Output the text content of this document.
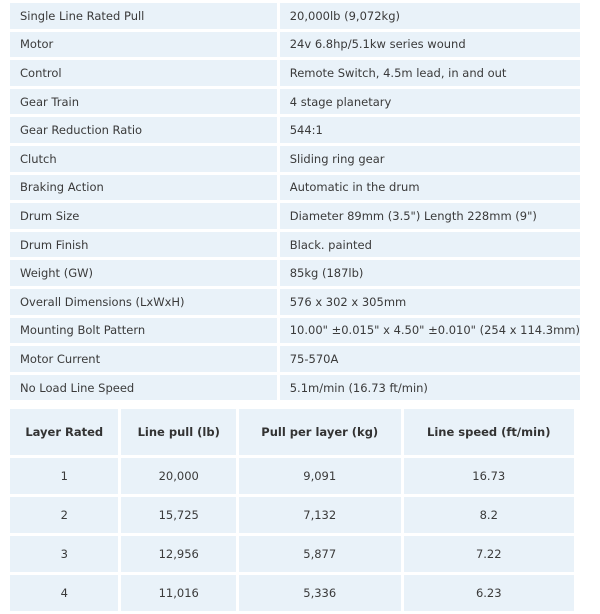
Single Line Rated Pull	20,000lb (9,072kg)
Motor	24v 6.8hp/5.1kw series wound
Control	Remote Switch, 4.5m lead, in and out
Gear Train	4 stage planetary
Gear Reduction Ratio	544:1
Clutch	Sliding ring gear
Braking Action	Automatic in the drum
Drum Size	Diameter 89mm (3.5") Length 228mm (9")
Drum Finish	Black. painted
Weight (GW)	85kg (187lb)
Overall Dimensions (LxWxH)	576 x 302 x 305mm
Mounting Bolt Pattern	10.00" ±0.015" x 4.50" ±0.010" (254 x 114.3mm)
Motor Current	75-570A
No Load Line Speed	5.1m/min (16.73 ft/min)
Layer Rated	Line pull (lb)	Pull per layer (kg)	Line speed (ft/min)
1	20,000	9,091	16.73
2	15,725	7,132	8.2
3	12,956	5,877	7.22
4	11,016	5,336	6.23
